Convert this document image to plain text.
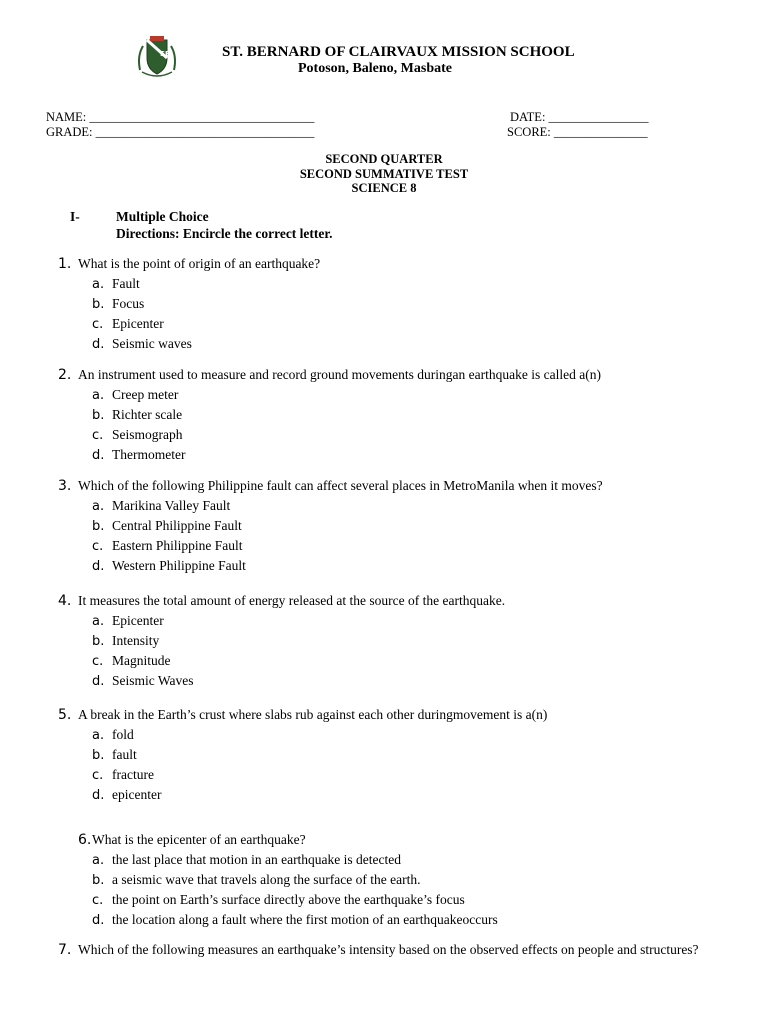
SBI	ST. BERNARD OF CLAIRVAUX MISSION SCHOOL
Potoson, Baleno, Masbate
NAME: ____________________________________	DATE: ________________
GRADE: ___________________________________	SCORE: _______________
SECOND QUARTER
SECOND SUMMATIVE TEST
SCIENCE 8
I-	Multiple Choice
Directions: Encircle the correct letter.
1. What is the point of origin of an earthquake?
a. Fault
b. Focus
c. Epicenter
d. Seismic waves
2. An instrument used to measure and record ground movements duringan earthquake is called a(n)
a. Creep meter
b. Richter scale
c. Seismograph
d. Thermometer
3. Which of the following Philippine fault can affect several places in MetroManila when it moves?
a. Marikina Valley Fault
b. Central Philippine Fault
c. Eastern Philippine Fault
d. Western Philippine Fault
4. It measures the total amount of energy released at the source of the earthquake.
a. Epicenter
b. Intensity
c. Magnitude
d. Seismic Waves
5. A break in the Earth’s crust where slabs rub against each other duringmovement is a(n)
a. fold
b. fault
c. fracture
d. epicenter
6. What is the epicenter of an earthquake?
a. the last place that motion in an earthquake is detected
b. a seismic wave that travels along the surface of the earth.
c. the point on Earth’s surface directly above the earthquake’s focus
d. the location along a fault where the first motion of an earthquakeoccurs
7. Which of the following measures an earthquake’s intensity based on the observed effects on people and structures?
